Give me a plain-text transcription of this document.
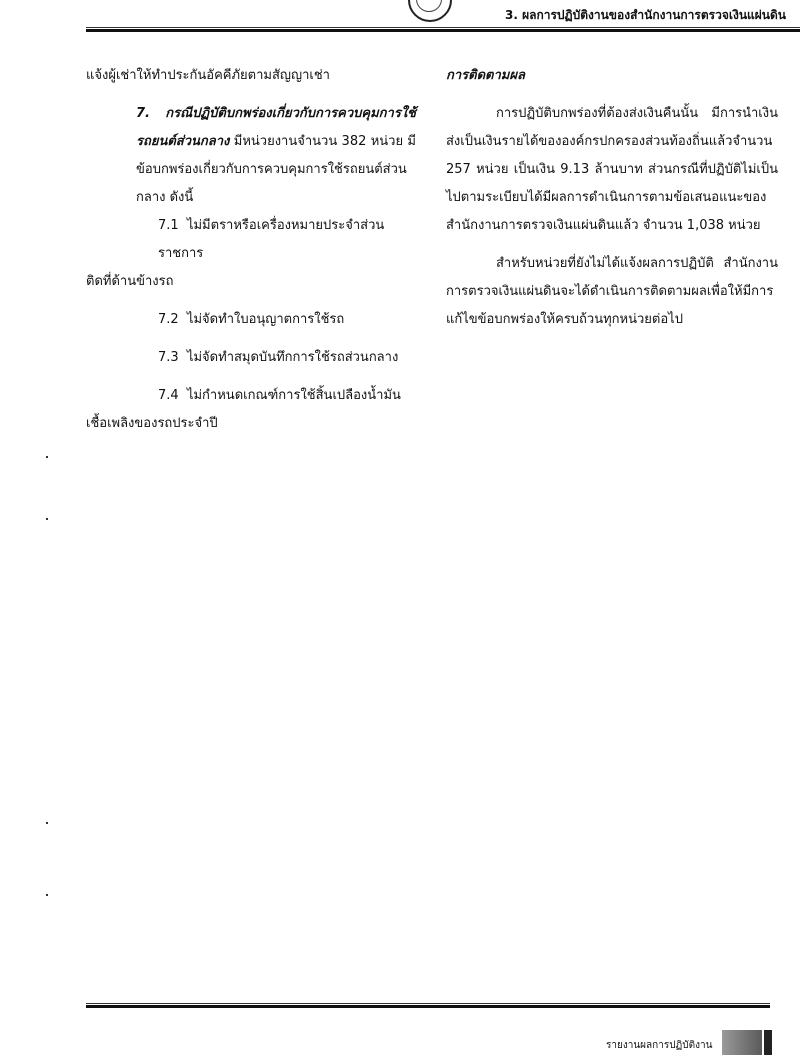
3. ผลการปฏิบัติงานของสำนักงานการตรวจเงินแผ่นดิน

แจ้งผู้เช่าให้ทำประกันอัคคีภัยตามสัญญาเช่า

7. กรณีปฏิบัติบกพร่องเกี่ยวกับการควบคุมการใช้รถยนต์ส่วนกลาง มีหน่วยงานจำนวน 382 หน่วย มีข้อบกพร่องเกี่ยวกับการควบคุมการใช้รถยนต์ส่วนกลาง ดังนี้

7.1 ไม่มีตราหรือเครื่องหมายประจำส่วนราชการ

ติดที่ด้านข้างรถ

7.2 ไม่จัดทำใบอนุญาตการใช้รถ

7.3 ไม่จัดทำสมุดบันทึกการใช้รถส่วนกลาง

7.4 ไม่กำหนดเกณฑ์การใช้สิ้นเปลืองน้ำมัน

เชื้อเพลิงของรถประจำปี

การติดตามผล

การปฏิบัติบกพร่องที่ต้องส่งเงินคืนนั้น มีการนำเงินส่งเป็นเงินรายได้ขององค์กรปกครองส่วนท้องถิ่นแล้วจำนวน 257 หน่วย เป็นเงิน 9.13 ล้านบาท ส่วนกรณีที่ปฏิบัติไม่เป็นไปตามระเบียบได้มีผลการดำเนินการตามข้อเสนอแนะของสำนักงานการตรวจเงินแผ่นดินแล้ว จำนวน 1,038 หน่วย

สำหรับหน่วยที่ยังไม่ได้แจ้งผลการปฏิบัติ สำนักงานการตรวจเงินแผ่นดินจะได้ดำเนินการติดตามผลเพื่อให้มีการแก้ไขข้อบกพร่องให้ครบถ้วนทุกหน่วยต่อไป

รายงานผลการปฏิบัติงาน
